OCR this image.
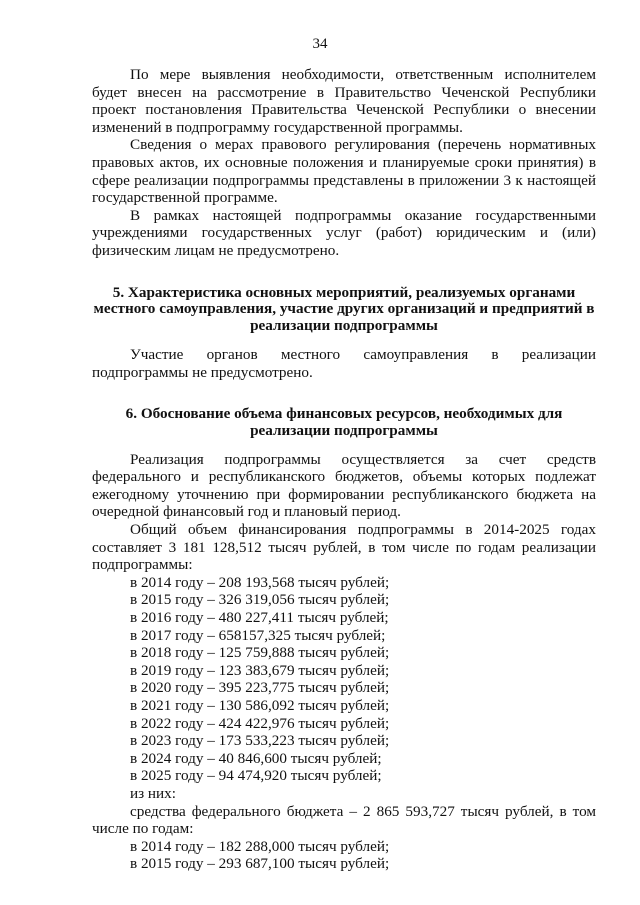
34

По мере выявления необходимости, ответственным исполнителем будет внесен на рассмотрение в Правительство Чеченской Республики проект постановления Правительства Чеченской Республики о внесении изменений в подпрограмму государственной программы.

Сведения о мерах правового регулирования (перечень нормативных правовых актов, их основные положения и планируемые сроки принятия) в сфере реализации подпрограммы представлены в приложении 3 к настоящей государственной программе.

В рамках настоящей подпрограммы оказание государственными учреждениями государственных услуг (работ) юридическим и (или) физическим лицам не предусмотрено.

5. Характеристика основных мероприятий, реализуемых органами местного самоуправления, участие других организаций и предприятий в реализации подпрограммы

Участие органов местного самоуправления в реализации подпрограммы не предусмотрено.

6. Обоснование объема финансовых ресурсов, необходимых для реализации подпрограммы

Реализация подпрограммы осуществляется за счет средств федерального и республиканского бюджетов, объемы которых подлежат ежегодному уточнению при формировании республиканского бюджета на очередной финансовый год и плановый период.

Общий объем финансирования подпрограммы в 2014-2025 годах составляет 3 181 128,512 тысяч рублей, в том числе по годам реализации подпрограммы:

в 2014 году – 208 193,568 тысяч рублей;
в 2015 году – 326 319,056 тысяч рублей;
в 2016 году – 480 227,411 тысяч рублей;
в 2017 году – 658157,325 тысяч рублей;
в 2018 году – 125 759,888 тысяч рублей;
в 2019 году – 123 383,679 тысяч рублей;
в 2020 году – 395 223,775 тысяч рублей;
в 2021 году – 130 586,092 тысяч рублей;
в 2022 году – 424 422,976 тысяч рублей;
в 2023 году – 173 533,223 тысяч рублей;
в 2024 году – 40 846,600 тысяч рублей;
в 2025 году – 94 474,920 тысяч рублей;
из них:

средства федерального бюджета – 2 865 593,727 тысяч рублей, в том числе по годам:

в 2014 году – 182 288,000 тысяч рублей;
в 2015 году – 293 687,100 тысяч рублей;
